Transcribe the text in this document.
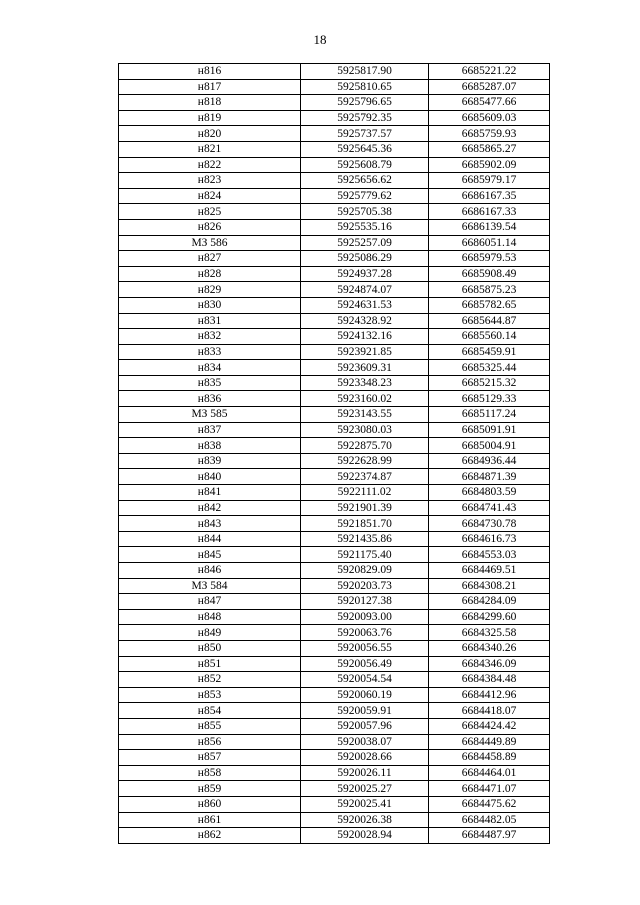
18
н816	5925817.90	6685221.22
н817	5925810.65	6685287.07
н818	5925796.65	6685477.66
н819	5925792.35	6685609.03
н820	5925737.57	6685759.93
н821	5925645.36	6685865.27
н822	5925608.79	6685902.09
н823	5925656.62	6685979.17
н824	5925779.62	6686167.35
н825	5925705.38	6686167.33
н826	5925535.16	6686139.54
МЗ 586	5925257.09	6686051.14
н827	5925086.29	6685979.53
н828	5924937.28	6685908.49
н829	5924874.07	6685875.23
н830	5924631.53	6685782.65
н831	5924328.92	6685644.87
н832	5924132.16	6685560.14
н833	5923921.85	6685459.91
н834	5923609.31	6685325.44
н835	5923348.23	6685215.32
н836	5923160.02	6685129.33
МЗ 585	5923143.55	6685117.24
н837	5923080.03	6685091.91
н838	5922875.70	6685004.91
н839	5922628.99	6684936.44
н840	5922374.87	6684871.39
н841	5922111.02	6684803.59
н842	5921901.39	6684741.43
н843	5921851.70	6684730.78
н844	5921435.86	6684616.73
н845	5921175.40	6684553.03
н846	5920829.09	6684469.51
МЗ 584	5920203.73	6684308.21
н847	5920127.38	6684284.09
н848	5920093.00	6684299.60
н849	5920063.76	6684325.58
н850	5920056.55	6684340.26
н851	5920056.49	6684346.09
н852	5920054.54	6684384.48
н853	5920060.19	6684412.96
н854	5920059.91	6684418.07
н855	5920057.96	6684424.42
н856	5920038.07	6684449.89
н857	5920028.66	6684458.89
н858	5920026.11	6684464.01
н859	5920025.27	6684471.07
н860	5920025.41	6684475.62
н861	5920026.38	6684482.05
н862	5920028.94	6684487.97
